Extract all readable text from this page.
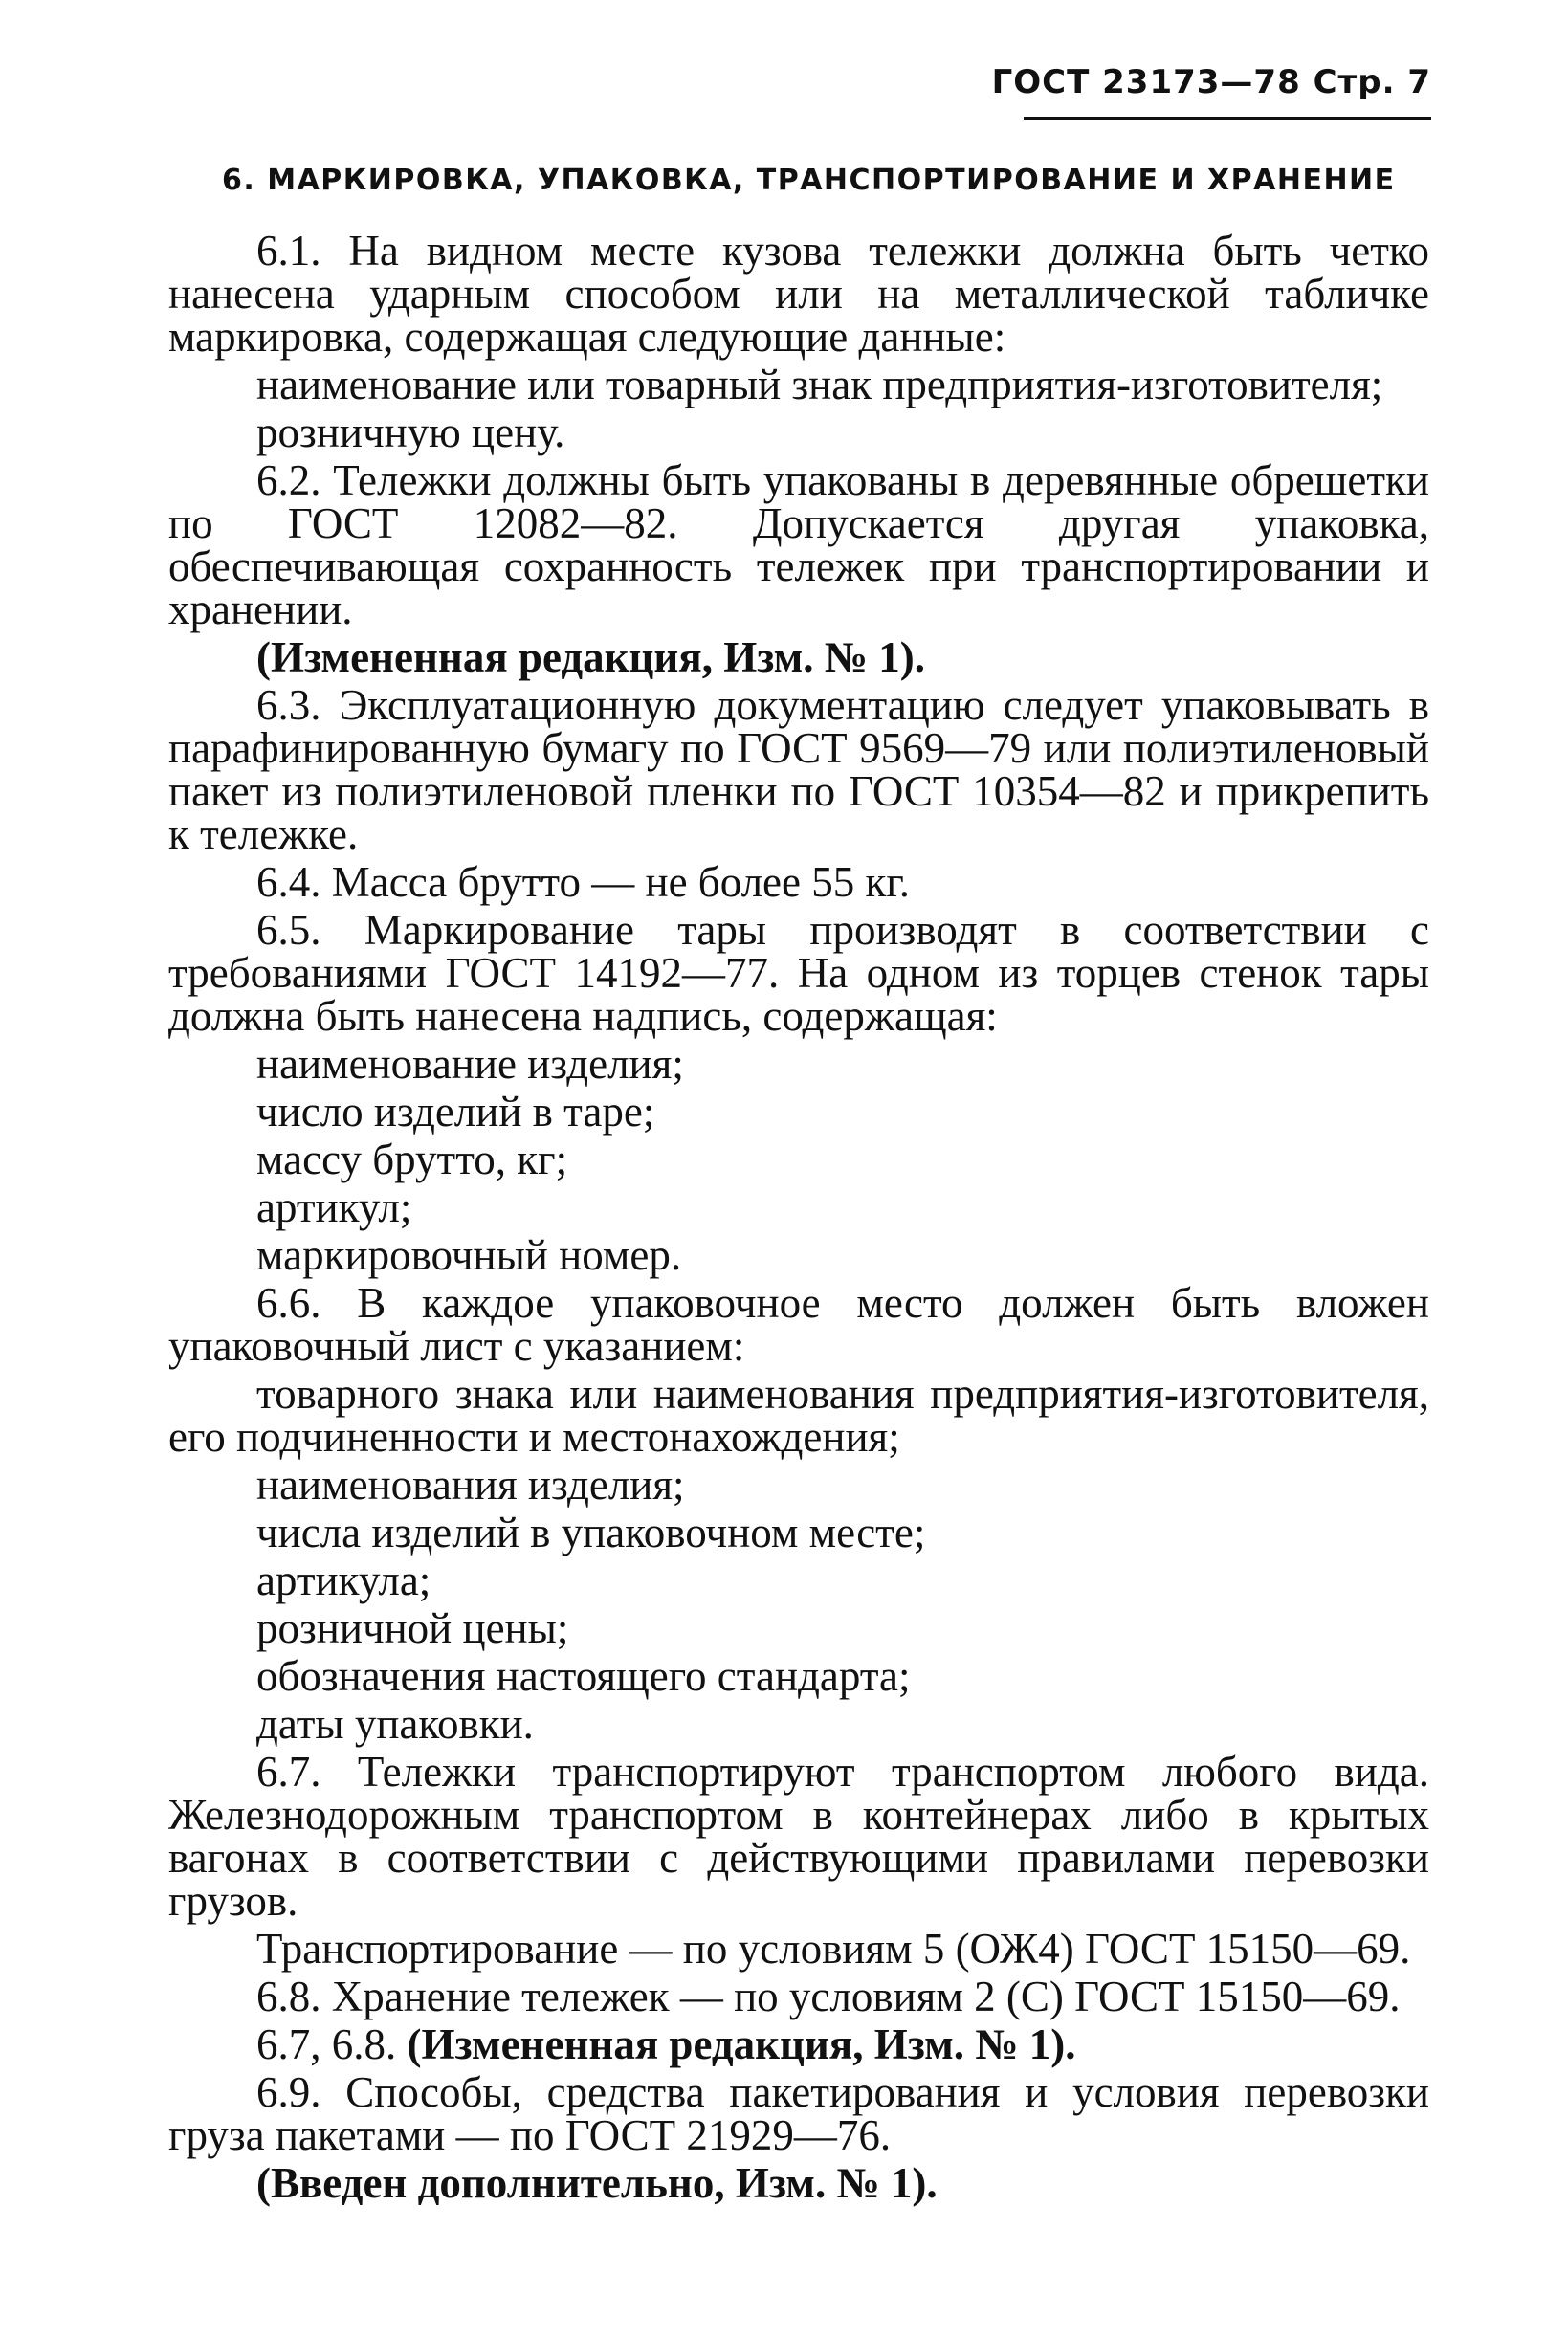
ГОСТ 23173—78 Стр. 7
6. МАРКИРОВКА, УПАКОВКА, ТРАНСПОРТИРОВАНИЕ И ХРАНЕНИЕ

6.1. На видном месте кузова тележки должна быть четко нанесена ударным способом или на металлической табличке маркировка, содержащая следующие данные:

наименование или товарный знак предприятия-изготовителя;
розничную цену.

6.2. Тележки должны быть упакованы в деревянные обрешетки по ГОСТ 12082—82. Допускается другая упаковка, обеспечивающая сохранность тележек при транспортировании и хранении.

(Измененная редакция, Изм. № 1).

6.3. Эксплуатационную документацию следует упаковывать в парафинированную бумагу по ГОСТ 9569—79 или полиэтиленовый пакет из полиэтиленовой пленки по ГОСТ 10354—82 и прикрепить к тележке.

6.4. Масса брутто — не более 55 кг.

6.5. Маркирование тары производят в соответствии с требованиями ГОСТ 14192—77. На одном из торцев стенок тары должна быть нанесена надпись, содержащая:

наименование изделия;
число изделий в таре;
массу брутто, кг;
артикул;
маркировочный номер.

6.6. В каждое упаковочное место должен быть вложен упаковочный лист с указанием:

товарного знака или наименования предприятия-изготовителя, его подчиненности и местонахождения;
наименования изделия;
числа изделий в упаковочном месте;
артикула;
розничной цены;
обозначения настоящего стандарта;
даты упаковки.

6.7. Тележки транспортируют транспортом любого вида. Железнодорожным транспортом в контейнерах либо в крытых вагонах в соответствии с действующими правилами перевозки грузов.

Транспортирование — по условиям 5 (ОЖ4) ГОСТ 15150—69.
6.8. Хранение тележек — по условиям 2 (С) ГОСТ 15150—69.
6.7, 6.8. (Измененная редакция, Изм. № 1).

6.9. Способы, средства пакетирования и условия перевозки груза пакетами — по ГОСТ 21929—76.

(Введен дополнительно, Изм. № 1).
